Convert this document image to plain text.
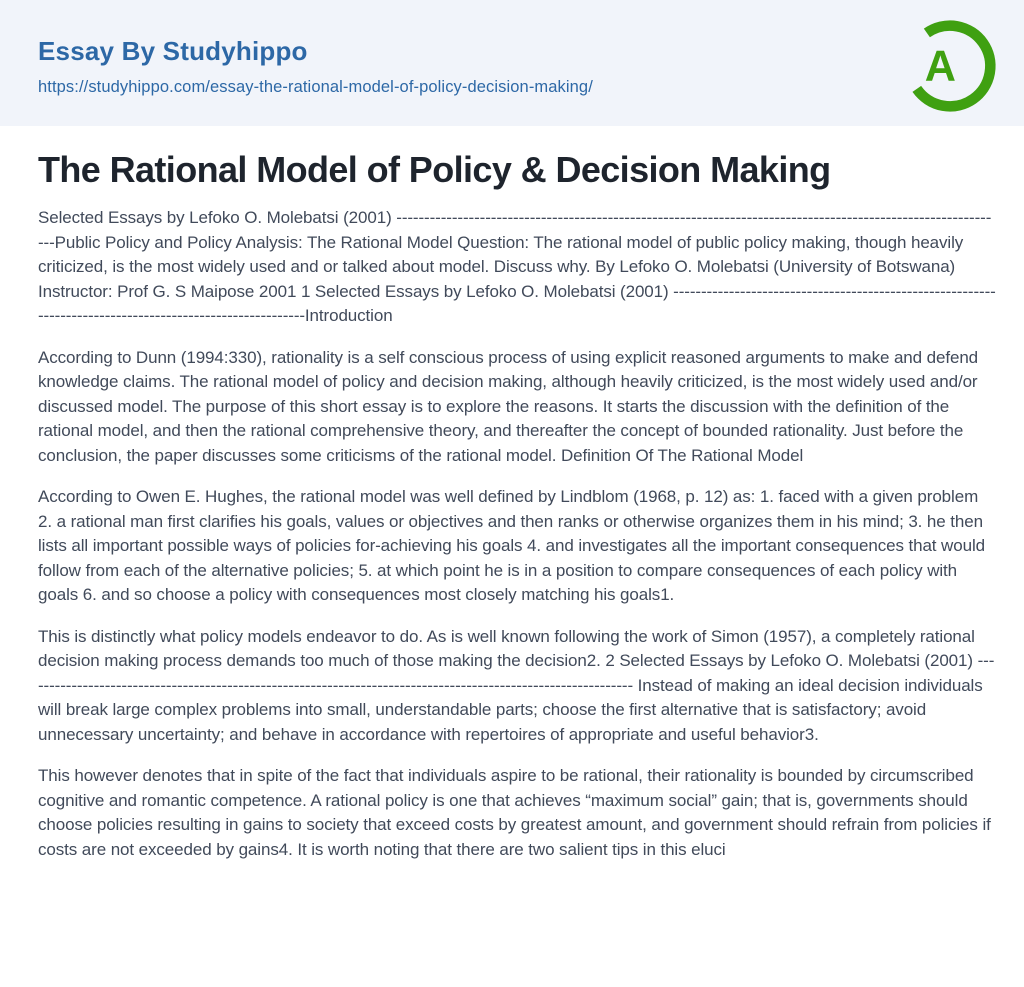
Essay By Studyhippo
https://studyhippo.com/essay-the-rational-model-of-policy-decision-making/	A
The Rational Model of Policy & Decision Making

Selected Essays by Lefoko O. Molebatsi (2001) --------------------------------------------------------------------------------------------------------------Public Policy and Policy Analysis: The Rational Model Question: The rational model of public policy making, though heavily criticized, is the most widely used and or talked about model. Discuss why. By Lefoko O. Molebatsi (University of Botswana) Instructor: Prof G. S Maipose 2001 1 Selected Essays by Lefoko O. Molebatsi (2001) ----------------------------------------------------------------------------------------------------------Introduction

According to Dunn (1994:330), rationality is a self conscious process of using explicit reasoned arguments to make and defend knowledge claims. The rational model of policy and decision making, although heavily criticized, is the most widely used and/or discussed model. The purpose of this short essay is to explore the reasons. It starts the discussion with the definition of the rational model, and then the rational comprehensive theory, and thereafter the concept of bounded rationality. Just before the conclusion, the paper discusses some criticisms of the rational model. Definition Of The Rational Model

According to Owen E. Hughes, the rational model was well defined by Lindblom (1968, p. 12) as: 1. faced with a given problem 2. a rational man first clarifies his goals, values or objectives and then ranks or otherwise organizes them in his mind; 3. he then lists all important possible ways of policies for-achieving his goals 4. and investigates all the important consequences that would follow from each of the alternative policies; 5. at which point he is in a position to compare consequences of each policy with goals 6. and so choose a policy with consequences most closely matching his goals1.

This is distinctly what policy models endeavor to do. As is well known following the work of Simon (1957), a completely rational decision making process demands too much of those making the decision2. 2 Selected Essays by Lefoko O. Molebatsi (2001) -------------------------------------------------------------------------------------------------------------- Instead of making an ideal decision individuals will break large complex problems into small, understandable parts; choose the first alternative that is satisfactory; avoid unnecessary uncertainty; and behave in accordance with repertoires of appropriate and useful behavior3.

This however denotes that in spite of the fact that individuals aspire to be rational, their rationality is bounded by circumscribed cognitive and romantic competence. A rational policy is one that achieves “maximum social” gain; that is, governments should choose policies resulting in gains to society that exceed costs by greatest amount, and government should refrain from policies if costs are not exceeded by gains4. It is worth noting that there are two salient tips in this eluci
